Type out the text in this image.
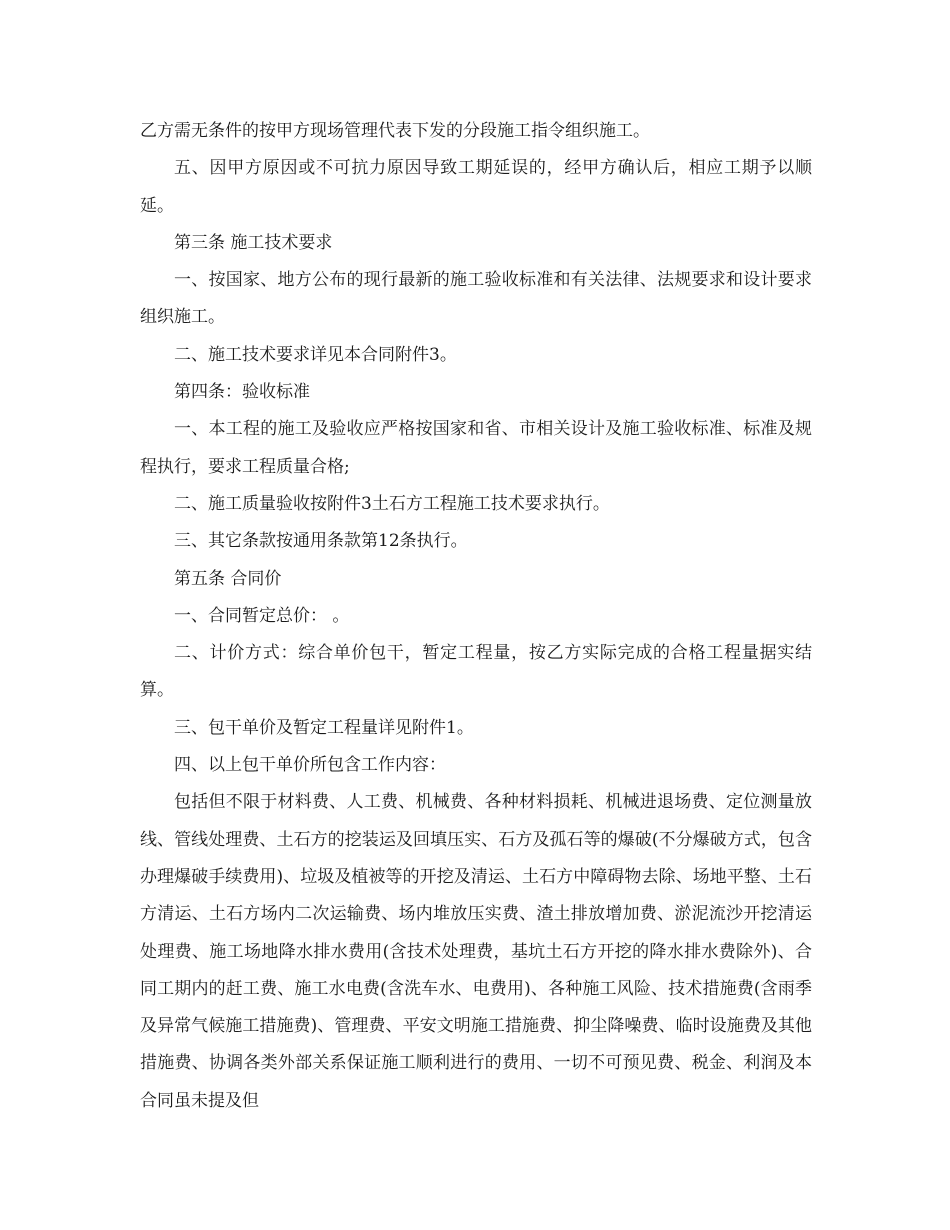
乙方需无条件的按甲方现场管理代表下发的分段施工指令组织施工。

五、因甲方原因或不可抗力原因导致工期延误的，经甲方确认后，相应工期予以顺延。

第三条 施工技术要求

一、按国家、地方公布的现行最新的施工验收标准和有关法律、法规要求和设计要求组织施工。

二、施工技术要求详见本合同附件3。

第四条：验收标准

一、本工程的施工及验收应严格按国家和省、市相关设计及施工验收标准、标准及规程执行，要求工程质量合格;

二、施工质量验收按附件3土石方工程施工技术要求执行。

三、其它条款按通用条款第12条执行。

第五条 合同价

一、合同暂定总价： 。

二、计价方式：综合单价包干，暂定工程量，按乙方实际完成的合格工程量据实结算。

三、包干单价及暂定工程量详见附件1。

四、以上包干单价所包含工作内容：

包括但不限于材料费、人工费、机械费、各种材料损耗、机械进退场费、定位测量放线、管线处理费、土石方的挖装运及回填压实、石方及孤石等的爆破(不分爆破方式，包含办理爆破手续费用)、垃圾及植被等的开挖及清运、土石方中障碍物去除、场地平整、土石方清运、土石方场内二次运输费、场内堆放压实费、渣土排放增加费、淤泥流沙开挖清运处理费、施工场地降水排水费用(含技术处理费，基坑土石方开挖的降水排水费除外)、合同工期内的赶工费、施工水电费(含洗车水、电费用)、各种施工风险、技术措施费(含雨季及异常气候施工措施费)、管理费、平安文明施工措施费、抑尘降噪费、临时设施费及其他措施费、协调各类外部关系保证施工顺利进行的费用、一切不可预见费、税金、利润及本合同虽未提及但
